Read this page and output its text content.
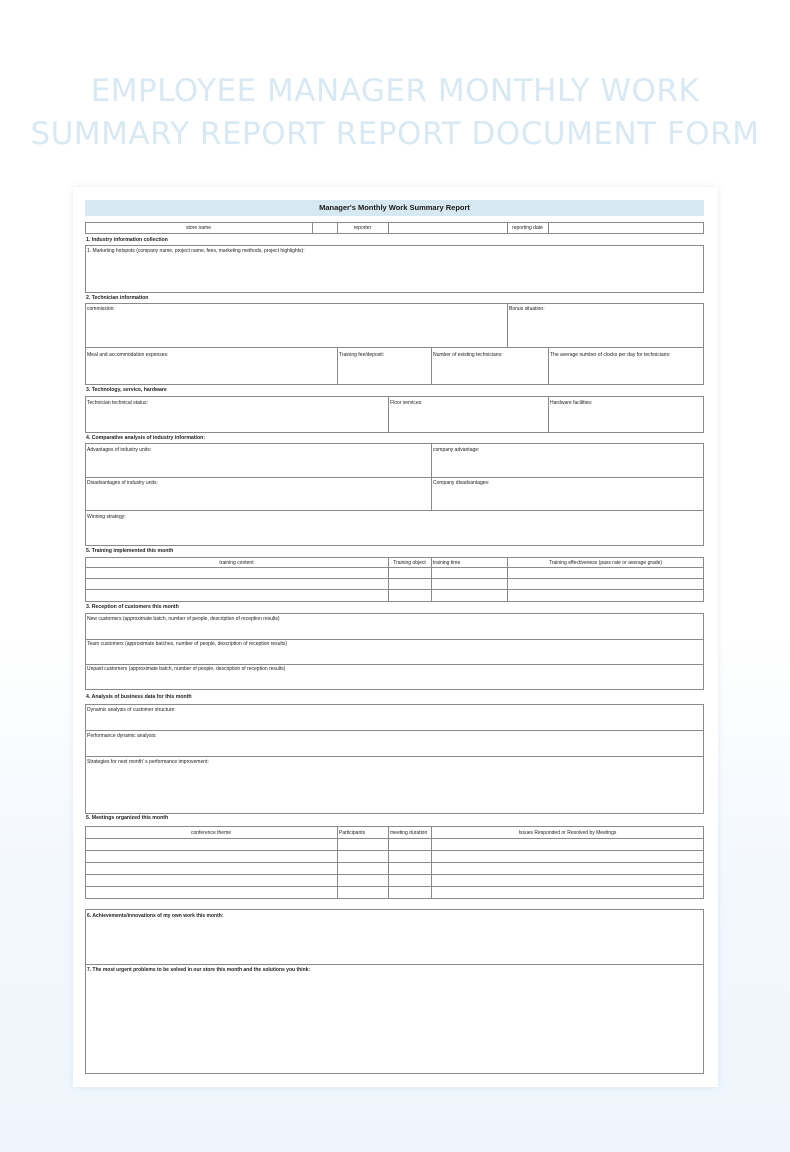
EMPLOYEE MANAGER MONTHLY WORK
SUMMARY REPORT REPORT DOCUMENT FORM
Manager's Monthly Work Summary Report
store name	reporter	reporting date
1. Industry information collection
1. Marketing hotspots (company name, project name, fees, marketing methods, project highlights):
2. Technician information
commission:	Bonus situation:
Meal and accommodation expenses:	Training fee/deposit:	Number of existing technicians:	The average number of clocks per day for technicians:
3. Technology, service, hardware
Technician technical status:	Floor services:	Hardware facilities:
4. Comparative analysis of industry information:
Advantages of industry units:	company advantage:
Disadvantages of industry units:	Company disadvantages:
Winning strategy:
5. Training implemented this month
training content	Training object	training time	Training effectiveness (pass rate or average grade)
3. Reception of customers this month
New customers (approximate batch, number of people, description of reception results)
Team customers (approximate batches, number of people, description of reception results)
Unpaid customers (approximate batch, number of people, description of reception results)
4. Analysis of business data for this month
Dynamic analysis of customer structure:
Performance dynamic analysis:
Strategies for next month’ s performance improvement:
5. Meetings organized this month
conference theme	Participants	meeting duration	Issues Responded or Resolved by Meetings
6. Achievements/innovations of my own work this month:
7. The most urgent problems to be solved in our store this month and the solutions you think:
